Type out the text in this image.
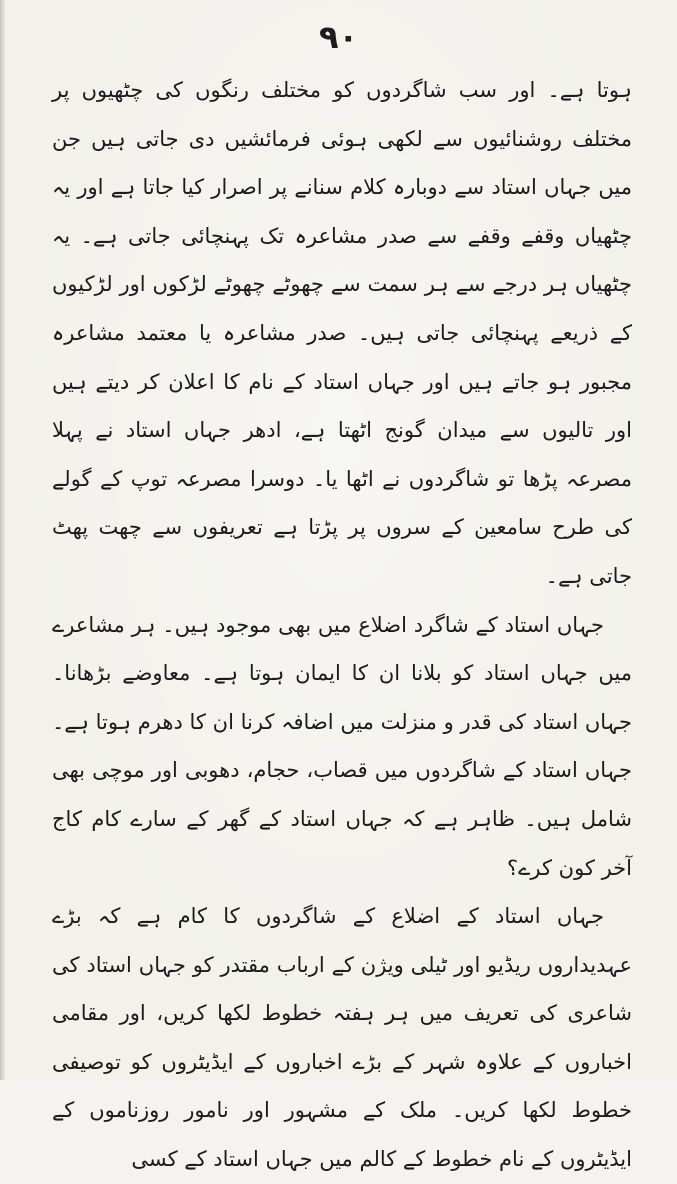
۹۰

ہوتا ہے۔ اور سب شاگردوں کو مختلف رنگوں کی چٹھیوں پر مختلف روشنائیوں سے لکھی ہوئی فرمائشیں دی جاتی ہیں جن میں جہاں استاد سے دوبارہ کلام سنانے پر اصرار کیا جاتا ہے اور یہ چٹھیاں وقفے وقفے سے صدر مشاعرہ تک پہنچائی جاتی ہے۔ یہ چٹھیاں ہر درجے سے ہر سمت سے چھوٹے چھوٹے لڑکوں اور لڑکیوں کے ذریعے پہنچائی جاتی ہیں۔ صدر مشاعرہ یا معتمد مشاعرہ مجبور ہو جاتے ہیں اور جہاں استاد کے نام کا اعلان کر دیتے ہیں اور تالیوں سے میدان گونج اٹھتا ہے، ادھر جہاں استاد نے پہلا مصرعہ پڑھا تو شاگردوں نے اٹھا یا۔ دوسرا مصرعہ توپ کے گولے کی طرح سامعین کے سروں پر پڑتا ہے تعریفوں سے چھت پھٹ جاتی ہے۔

جہاں استاد کے شاگرد اضلاع میں بھی موجود ہیں۔ ہر مشاعرے میں جہاں استاد کو بلانا ان کا ایمان ہوتا ہے۔ معاوضے بڑھانا۔ جہاں استاد کی قدر و منزلت میں اضافہ کرنا ان کا دھرم ہوتا ہے۔ جہاں استاد کے شاگردوں میں قصاب، حجام، دھوبی اور موچی بھی شامل ہیں۔ ظاہر ہے کہ جہاں استاد کے گھر کے سارے کام کاج آخر کون کرے؟

جہاں استاد کے اضلاع کے شاگردوں کا کام ہے کہ بڑے عہدیداروں ریڈیو اور ٹیلی ویژن کے ارباب مقتدر کو جہاں استاد کی شاعری کی تعریف میں ہر ہفتہ خطوط لکھا کریں، اور مقامی اخباروں کے علاوہ شہر کے بڑے اخباروں کے ایڈیٹروں کو توصیفی خطوط لکھا کریں۔ ملک کے مشہور اور نامور روزناموں کے ایڈیٹروں کے نام خطوط کے کالم میں جہاں استاد کے کسی
